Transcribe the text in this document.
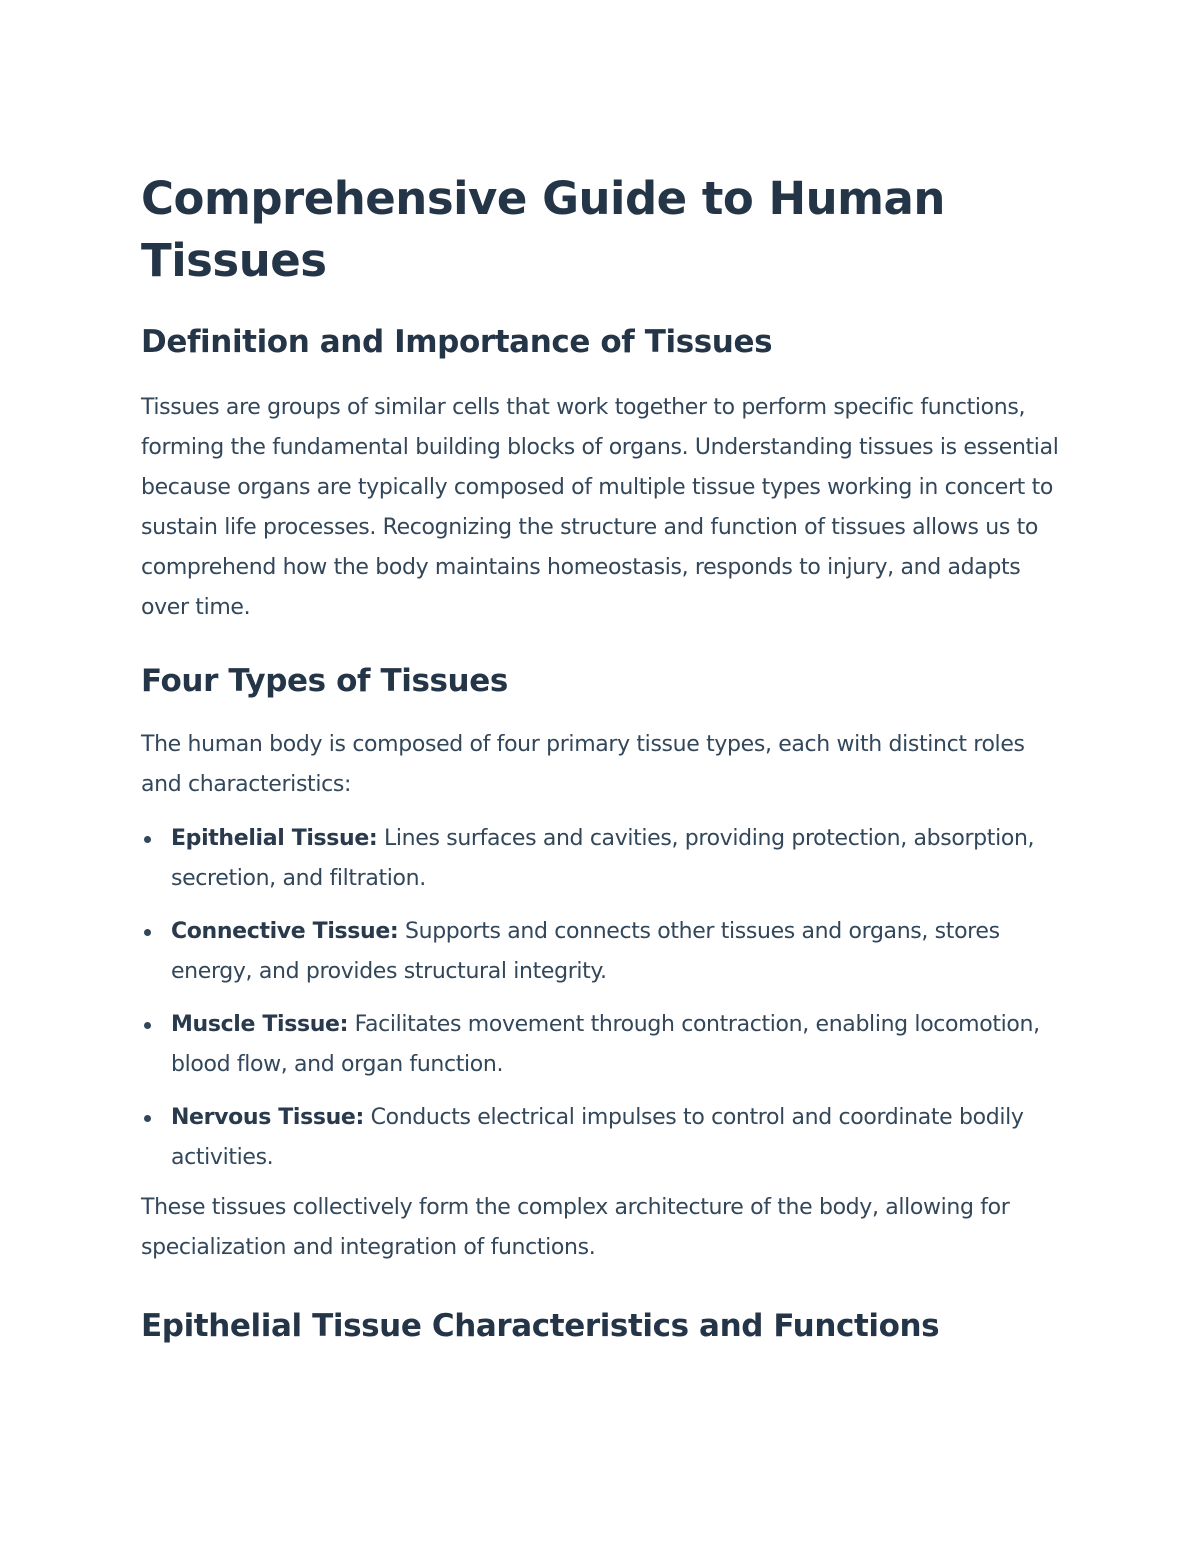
Comprehensive Guide to Human Tissues
Definition and Importance of Tissues

Tissues are groups of similar cells that work together to perform specific functions, forming the fundamental building blocks of organs. Understanding tissues is essential because organs are typically composed of multiple tissue types working in concert to sustain life processes. Recognizing the structure and function of tissues allows us to comprehend how the body maintains homeostasis, responds to injury, and adapts over time.

Four Types of Tissues

The human body is composed of four primary tissue types, each with distinct roles and characteristics:

Epithelial Tissue: Lines surfaces and cavities, providing protection, absorption, secretion, and filtration.
Connective Tissue: Supports and connects other tissues and organs, stores energy, and provides structural integrity.
Muscle Tissue: Facilitates movement through contraction, enabling locomotion, blood flow, and organ function.
Nervous Tissue: Conducts electrical impulses to control and coordinate bodily activities.

These tissues collectively form the complex architecture of the body, allowing for specialization and integration of functions.

Epithelial Tissue Characteristics and Functions
